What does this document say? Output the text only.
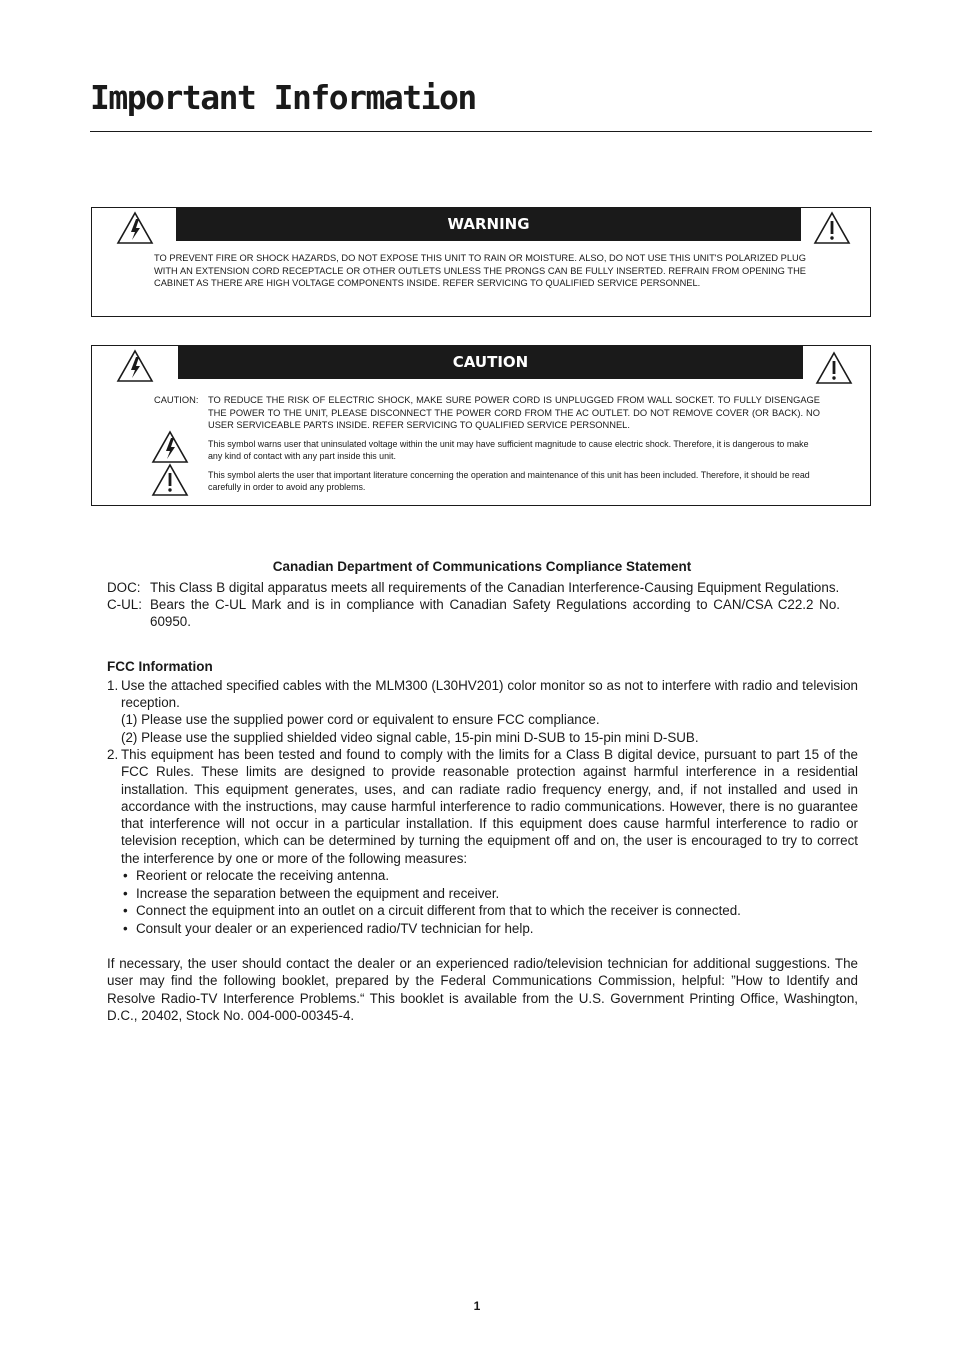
Important Information
WARNING
TO PREVENT FIRE OR SHOCK HAZARDS, DO NOT EXPOSE THIS UNIT TO RAIN OR MOISTURE. ALSO, DO NOT USE THIS UNIT'S POLARIZED PLUG WITH AN EXTENSION CORD RECEPTACLE OR OTHER OUTLETS UNLESS THE PRONGS CAN BE FULLY INSERTED. REFRAIN FROM OPENING THE CABINET AS THERE ARE HIGH VOLTAGE COMPONENTS INSIDE. REFER SERVICING TO QUALIFIED SERVICE PERSONNEL.
CAUTION
CAUTION: TO REDUCE THE RISK OF ELECTRIC SHOCK, MAKE SURE POWER CORD IS UNPLUGGED FROM WALL SOCKET. TO FULLY DISENGAGE THE POWER TO THE UNIT, PLEASE DISCONNECT THE POWER CORD FROM THE AC OUTLET. DO NOT REMOVE COVER (OR BACK). NO USER SERVICEABLE PARTS INSIDE. REFER SERVICING TO QUALIFIED SERVICE PERSONNEL.
This symbol warns user that uninsulated voltage within the unit may have sufficient magnitude to cause electric shock. Therefore, it is dangerous to make any kind of contact with any part inside this unit.
This symbol alerts the user that important literature concerning the operation and maintenance of this unit has been included. Therefore, it should be read carefully in order to avoid any problems.
Canadian Department of Communications Compliance Statement
DOC: This Class B digital apparatus meets all requirements of the Canadian Interference-Causing Equipment Regulations.
C-UL: Bears the C-UL Mark and is in compliance with Canadian Safety Regulations according to CAN/CSA C22.2 No. 60950.
FCC Information
1. Use the attached specified cables with the MLM300 (L30HV201) color monitor so as not to interfere with radio and television reception.
(1) Please use the supplied power cord or equivalent to ensure FCC compliance.
(2) Please use the supplied shielded video signal cable, 15-pin mini D-SUB to 15-pin mini D-SUB.
2. This equipment has been tested and found to comply with the limits for a Class B digital device, pursuant to part 15 of the FCC Rules. These limits are designed to provide reasonable protection against harmful interference in a residential installation. This equipment generates, uses, and can radiate radio frequency energy, and, if not installed and used in accordance with the instructions, may cause harmful interference to radio communications. However, there is no guarantee that interference will not occur in a particular installation. If this equipment does cause harmful interference to radio or television reception, which can be determined by turning the equipment off and on, the user is encouraged to try to correct the interference by one or more of the following measures:
• Reorient or relocate the receiving antenna.
• Increase the separation between the equipment and receiver.
• Connect the equipment into an outlet on a circuit different from that to which the receiver is connected.
• Consult your dealer or an experienced radio/TV technician for help.
If necessary, the user should contact the dealer or an experienced radio/television technician for additional suggestions. The user may find the following booklet, prepared by the Federal Communications Commission, helpful: ”How to Identify and Resolve Radio-TV Interference Problems.“ This booklet is available from the U.S. Government Printing Office, Washington, D.C., 20402, Stock No. 004-000-00345-4.
1
